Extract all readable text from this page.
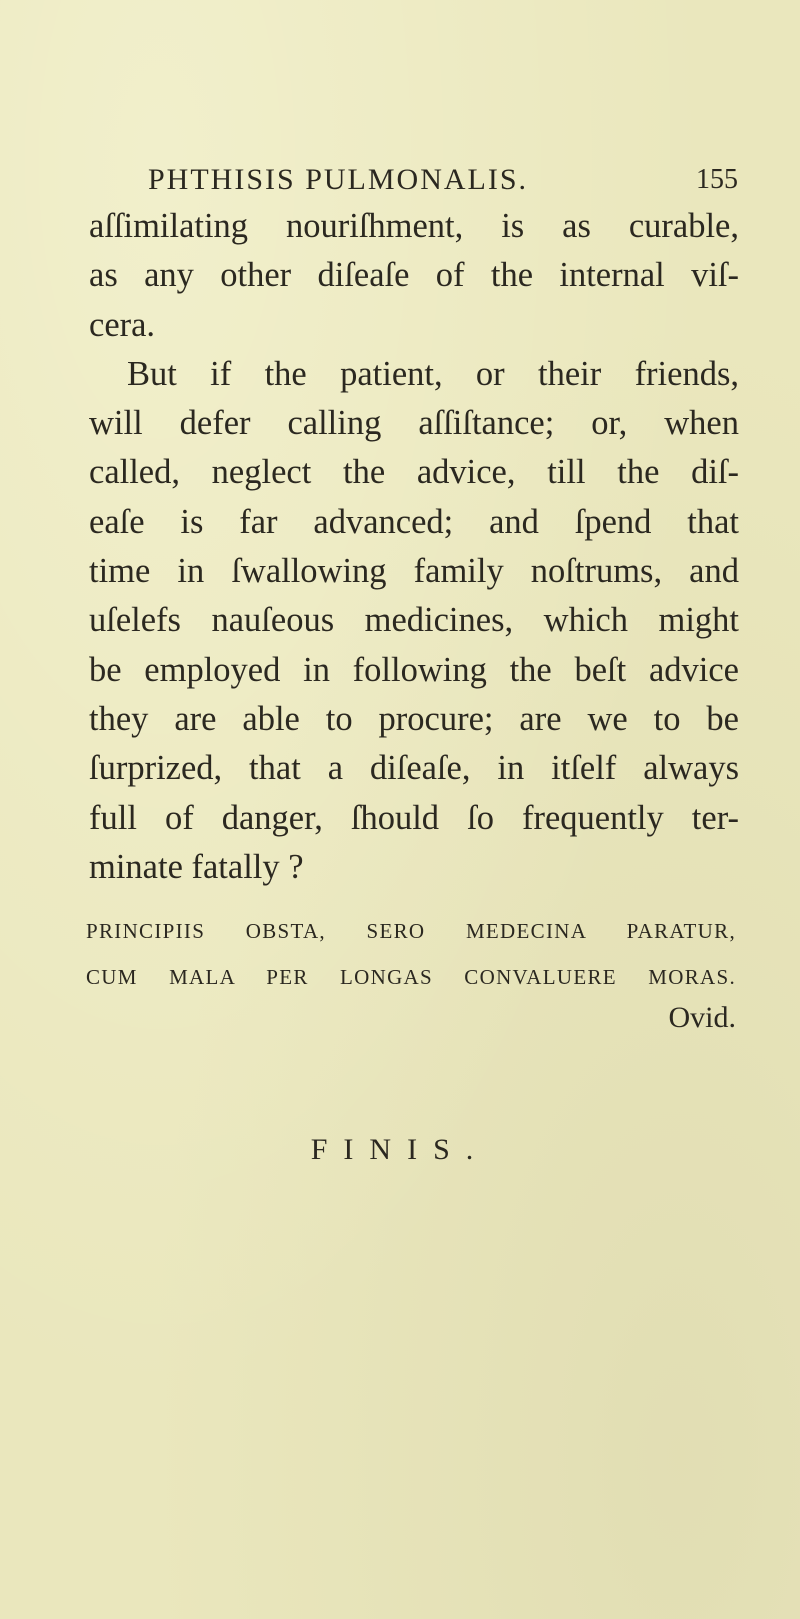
PHTHISIS PULMONALIS.	155
aſſimilating nouriſhment, is as curable,
as any other diſeaſe of the internal viſ-
cera.
But if the patient, or their friends,
will defer calling aſſiſtance; or, when
called, neglect the advice, till the diſ-
eaſe is far advanced; and ſpend that
time in ſwallowing family noſtrums, and
uſelefs nauſeous medicines, which might
be employed in following the beſt advice
they are able to procure; are we to be
ſurprized, that a diſeaſe, in itſelf always
full of danger, ſhould ſo frequently ter-
minate fatally ?
PRINCIPIIS OBSTA, SERO MEDECINA PARATUR,
CUM MALA PER LONGAS CONVALUERE MORAS.
Ovid.
FINIS.
